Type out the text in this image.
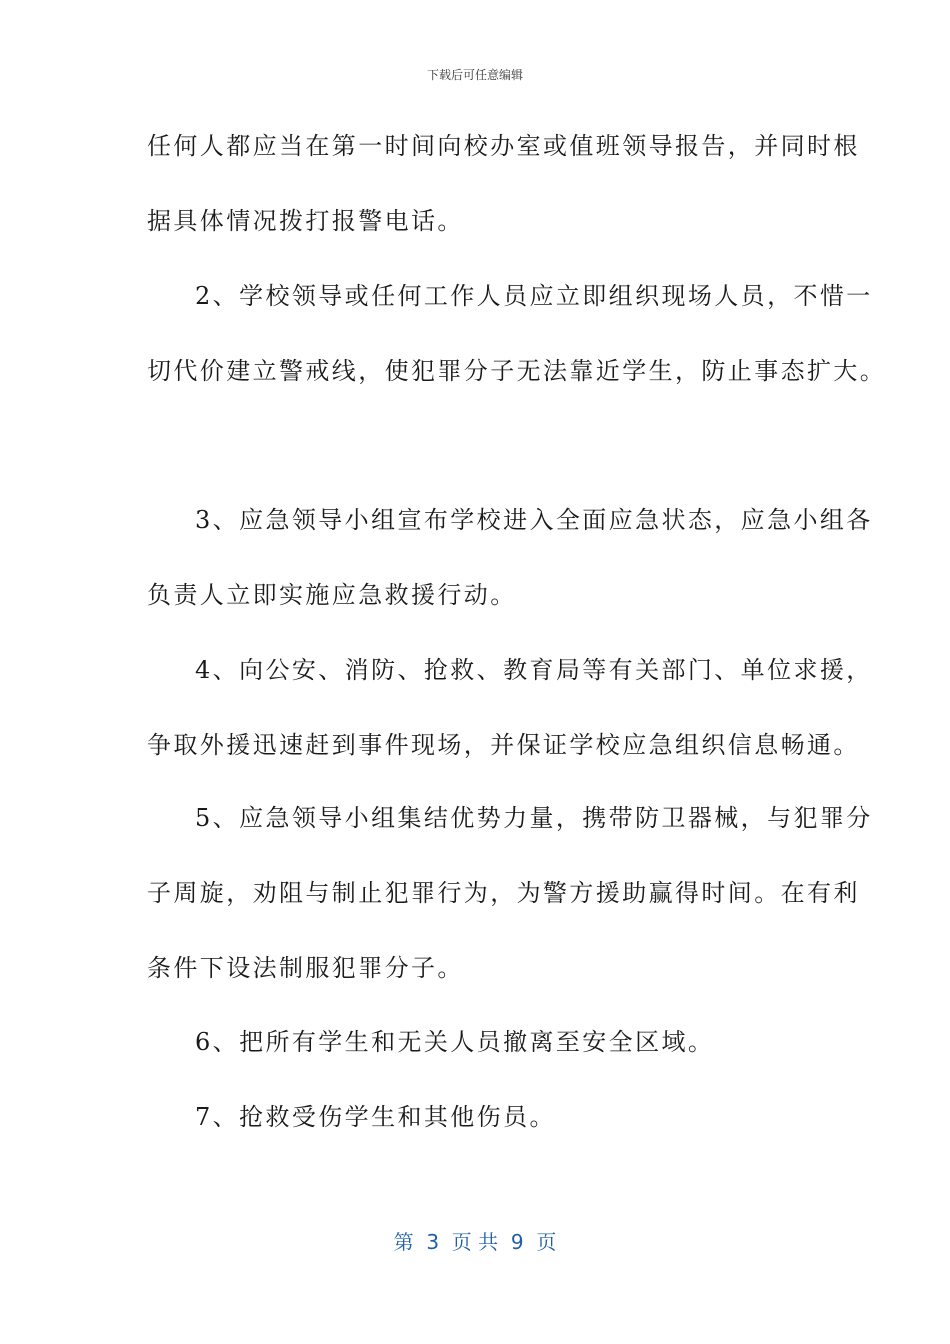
下载后可任意编辑
任何人都应当在第一时间向校办室或值班领导报告，并同时根
据具体情况拨打报警电话。
2、学校领导或任何工作人员应立即组织现场人员，不惜一
切代价建立警戒线，使犯罪分子无法靠近学生，防止事态扩大。
3、应急领导小组宣布学校进入全面应急状态，应急小组各
负责人立即实施应急救援行动。
4、向公安、消防、抢救、教育局等有关部门、单位求援，
争取外援迅速赶到事件现场，并保证学校应急组织信息畅通。
5、应急领导小组集结优势力量，携带防卫器械，与犯罪分
子周旋，劝阻与制止犯罪行为，为警方援助赢得时间。在有利
条件下设法制服犯罪分子。
6、把所有学生和无关人员撤离至安全区域。
7、抢救受伤学生和其他伤员。
第  3  页 共  9  页
